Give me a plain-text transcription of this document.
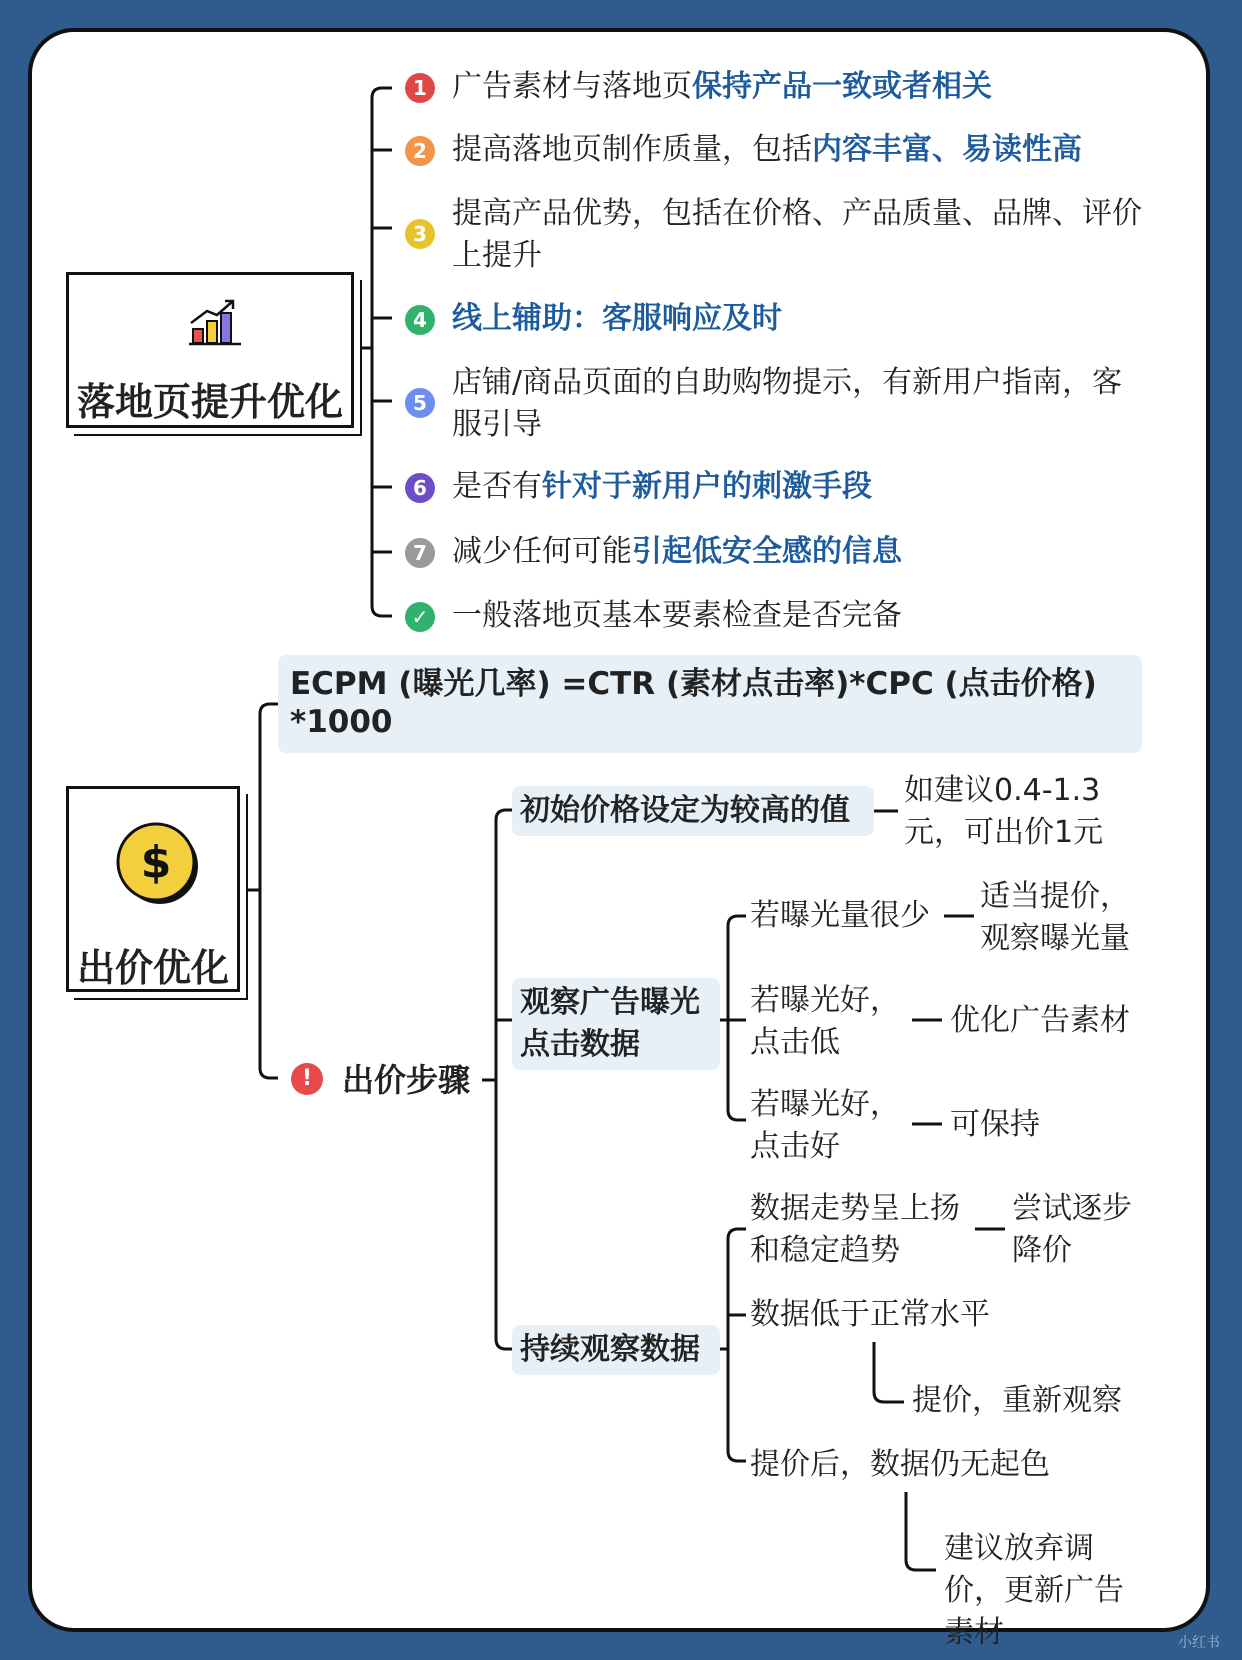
落地页提升优化
1 广告素材与落地页保持产品一致或者相关
2 提高落地页制作质量，包括内容丰富、易读性高
3
提高产品优势，包括在价格、产品质量、品牌、评价上提升
4 线上辅助：客服响应及时
5
店铺/商品页面的自助购物提示，有新用户指南，客服引导
6 是否有针对于新用户的刺激手段
7 减少任何可能引起低安全感的信息
✓ 一般落地页基本要素检查是否完备
ECPM (曝光几率) =CTR (素材点击率)*CPC (点击价格) *1000
$
出价优化
! 出价步骤
初始价格设定为较高的值
如建议0.4-1.3元，可出价1元
观察广告曝光点击数据
若曝光量很少
适当提价，观察曝光量
若曝光好，点击低
优化广告素材
若曝光好，点击好
可保持
持续观察数据
数据走势呈上扬和稳定趋势
尝试逐步降价
数据低于正常水平
提价，重新观察
提价后，数据仍无起色
建议放弃调价，更新广告素材	小红书
